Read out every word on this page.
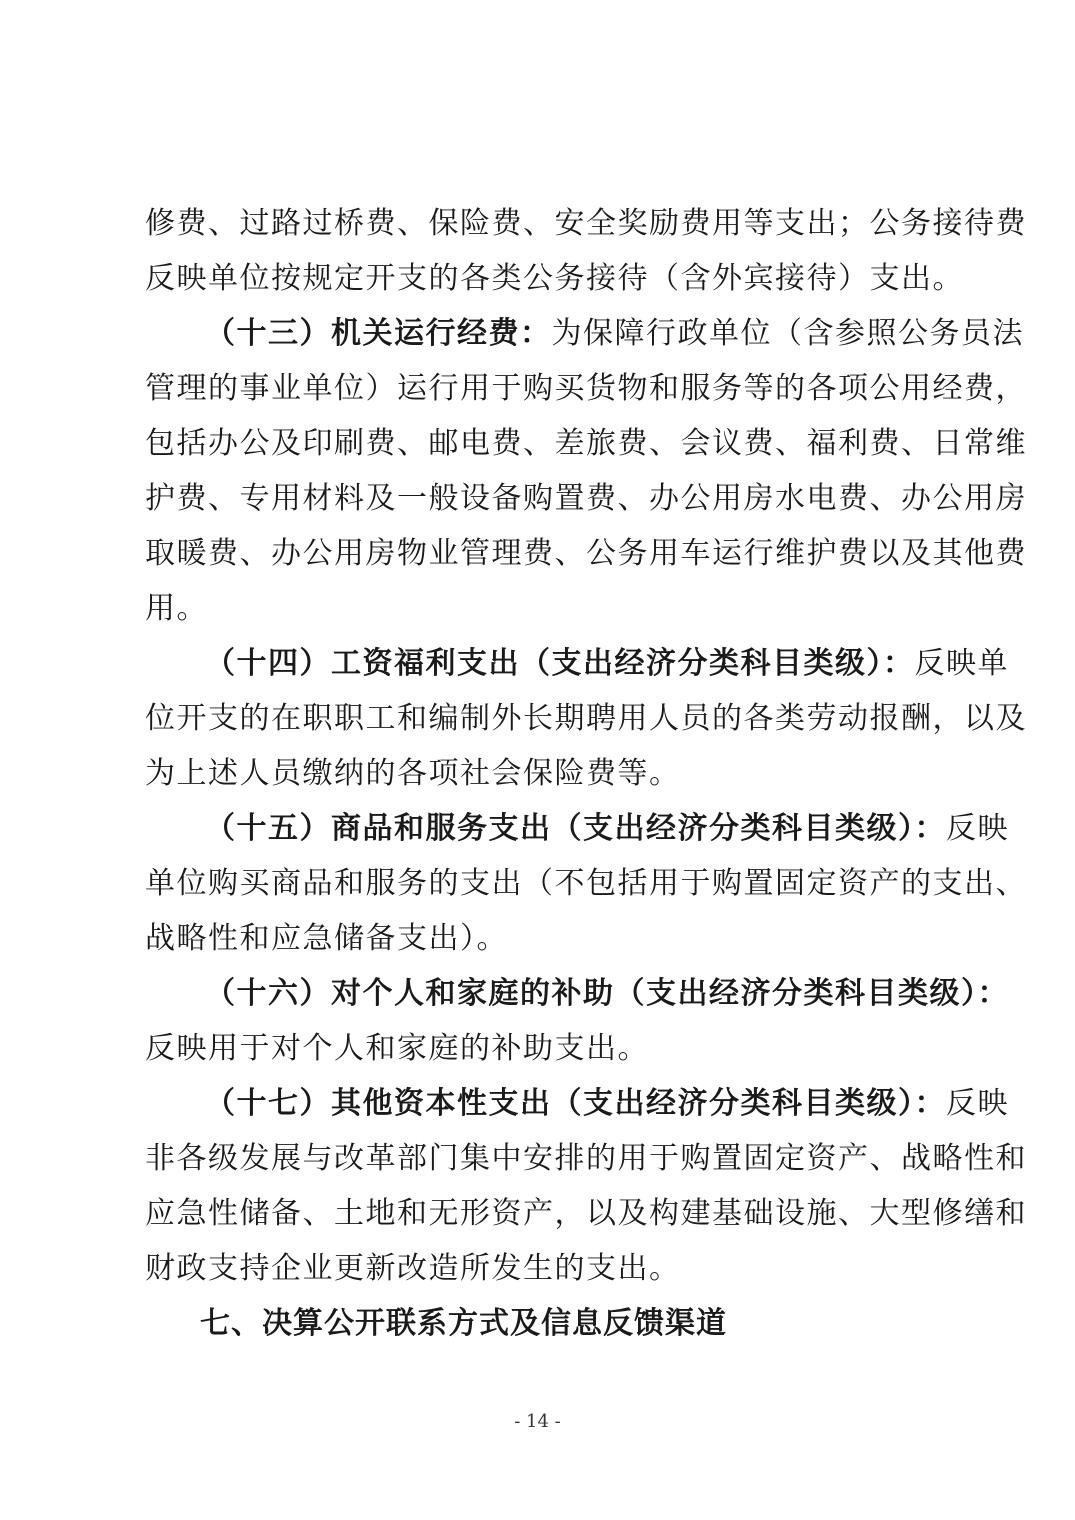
修费、过路过桥费、保险费、安全奖励费用等支出；公务接待费
反映单位按规定开支的各类公务接待（含外宾接待）支出。
（十三）机关运行经费：为保障行政单位（含参照公务员法
管理的事业单位）运行用于购买货物和服务等的各项公用经费，
包括办公及印刷费、邮电费、差旅费、会议费、福利费、日常维
护费、专用材料及一般设备购置费、办公用房水电费、办公用房
取暖费、办公用房物业管理费、公务用车运行维护费以及其他费
用。
（十四）工资福利支出（支出经济分类科目类级）：反映单
位开支的在职职工和编制外长期聘用人员的各类劳动报酬，以及
为上述人员缴纳的各项社会保险费等。
（十五）商品和服务支出（支出经济分类科目类级）：反映
单位购买商品和服务的支出（不包括用于购置固定资产的支出、
战略性和应急储备支出）。
（十六）对个人和家庭的补助（支出经济分类科目类级）：
反映用于对个人和家庭的补助支出。
（十七）其他资本性支出（支出经济分类科目类级）：反映
非各级发展与改革部门集中安排的用于购置固定资产、战略性和
应急性储备、土地和无形资产，以及构建基础设施、大型修缮和
财政支持企业更新改造所发生的支出。
七、决算公开联系方式及信息反馈渠道
- 14 -
